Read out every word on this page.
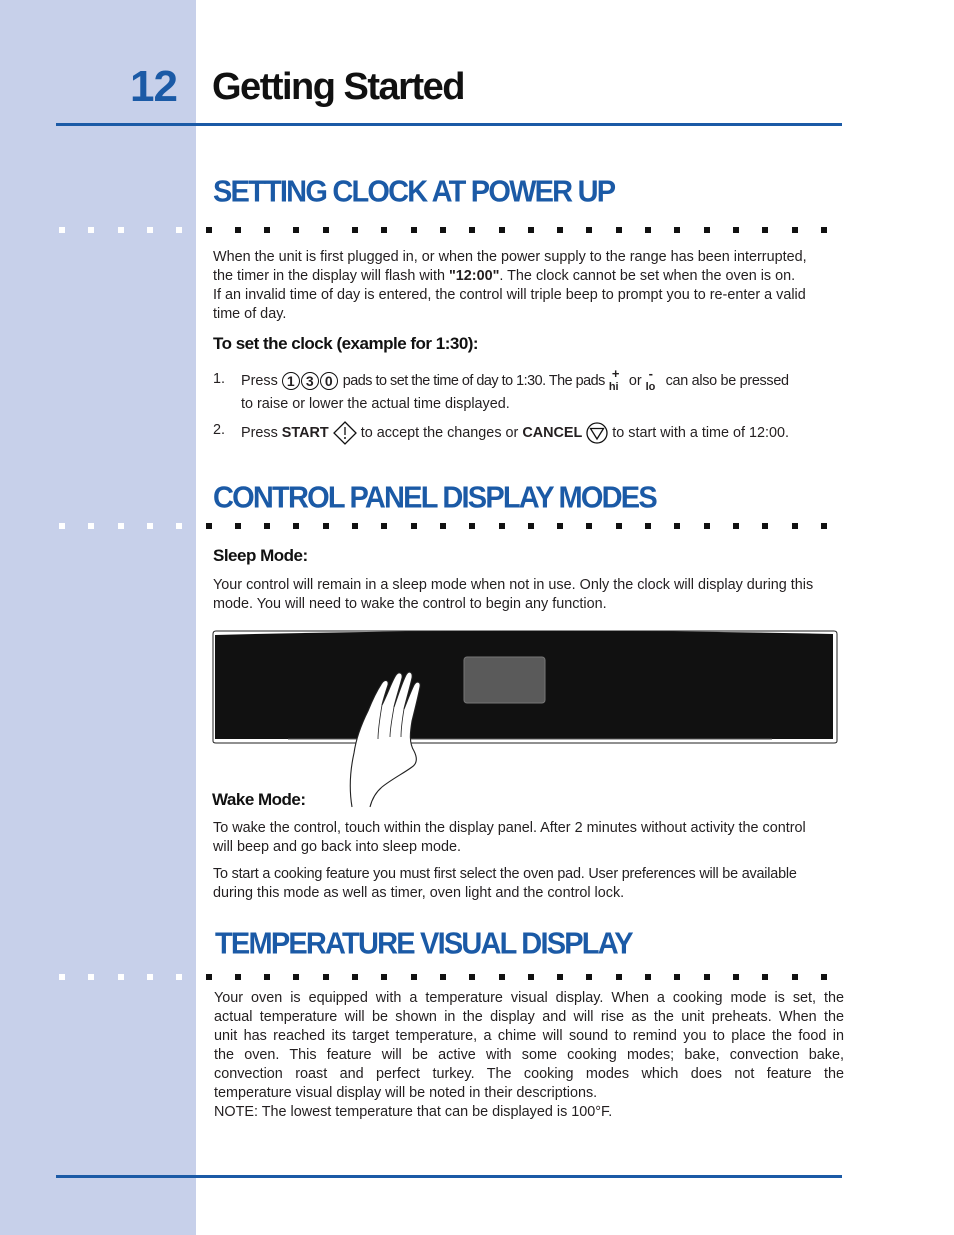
12 Getting Started
SETTING CLOCK AT POWER UP
When the unit is first plugged in, or when the power supply to the range has been interrupted,
the timer in the display will flash with "12:00". The clock cannot be set when the oven is on.
If an invalid time of day is entered, the control will triple beep to prompt you to re-enter a valid
time of day.
To set the clock (example for 1:30):
1. Press 1 3 0 pads to set the time of day to 1:30. The pads +
hi or -
lo can also be pressed
to raise or lower the actual time displayed.
2. Press START to accept the changes or CANCEL to start with a time of 12:00.
CONTROL PANEL DISPLAY MODES
Sleep Mode:
Your control will remain in a sleep mode when not in use. Only the clock will display during this
mode. You will need to wake the control to begin any function.
Wake Mode:
To wake the control, touch within the display panel. After 2 minutes without activity the control
will beep and go back into sleep mode.
To start a cooking feature you must first select the oven pad. User preferences will be available
during this mode as well as timer, oven light and the control lock.
TEMPERATURE VISUAL DISPLAY
Your oven is equipped with a temperature visual display. When a cooking mode is set, the
actual temperature will be shown in the display and will rise as the unit preheats. When the
unit has reached its target temperature, a chime will sound to remind you to place the food in
the oven. This feature will be active with some cooking modes; bake, convection bake,
convection roast and perfect turkey. The cooking modes which does not feature the
temperature visual display will be noted in their descriptions.
NOTE: The lowest temperature that can be displayed is 100°F.
